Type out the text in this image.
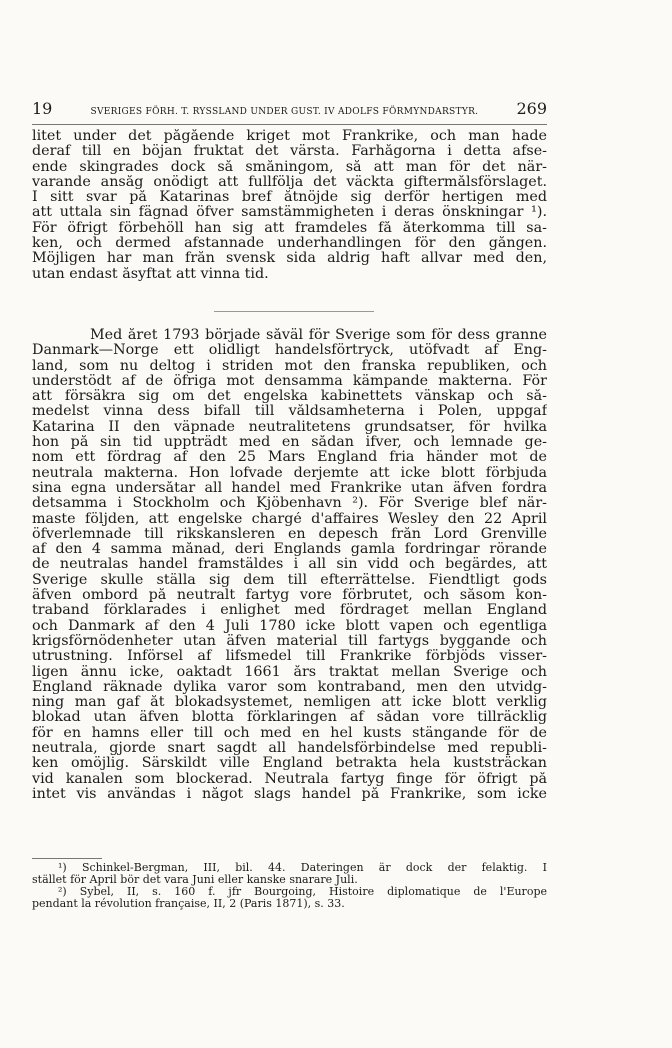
19	SVERIGES FÖRH. T. RYSSLAND UNDER GUST. IV ADOLFS FÖRMYNDARSTYR.	269
litet under det pågående kriget mot Frankrike, och man hade
deraf till en böjan fruktat det värsta. Farhågorna i detta afse-
ende skingrades dock så småningom, så att man för det när-
varande ansåg onödigt att fullfölja det väckta giftermålsförslaget.
I sitt svar på Katarinas bref åtnöjde sig derför hertigen med
att uttala sin fägnad öfver samstämmigheten i deras önskningar ¹).
För öfrigt förbehöll han sig att framdeles få återkomma till sa-
ken, och dermed afstannade underhandlingen för den gången.
Möjligen har man från svensk sida aldrig haft allvar med den,
utan endast åsyftat att vinna tid.
Med året 1793 började såväl för Sverige som för dess granne
Danmark—Norge ett olidligt handelsförtryck, utöfvadt af Eng-
land, som nu deltog i striden mot den franska republiken, och
understödt af de öfriga mot densamma kämpande makterna. För
att försäkra sig om det engelska kabinettets vänskap och så-
medelst vinna dess bifall till våldsamheterna i Polen, uppgaf
Katarina II den väpnade neutralitetens grundsatser, för hvilka
hon på sin tid uppträdt med en sådan ifver, och lemnade ge-
nom ett fördrag af den 25 Mars England fria händer mot de
neutrala makterna. Hon lofvade derjemte att icke blott förbjuda
sina egna undersåtar all handel med Frankrike utan äfven fordra
detsamma i Stockholm och Kjöbenhavn ²). För Sverige blef när-
maste följden, att engelske chargé d'affaires Wesley den 22 April
öfverlemnade till rikskansleren en depesch från Lord Grenville
af den 4 samma månad, deri Englands gamla fordringar rörande
de neutralas handel framstäldes i all sin vidd och begärdes, att
Sverige skulle ställa sig dem till efterrättelse. Fiendtligt gods
äfven ombord på neutralt fartyg vore förbrutet, och såsom kon-
traband förklarades i enlighet med fördraget mellan England
och Danmark af den 4 Juli 1780 icke blott vapen och egentliga
krigsförnödenheter utan äfven material till fartygs byggande och
utrustning. Införsel af lifsmedel till Frankrike förbjöds visser-
ligen ännu icke, oaktadt 1661 års traktat mellan Sverige och
England räknade dylika varor som kontraband, men den utvidg-
ning man gaf åt blokadsystemet, nemligen att icke blott verklig
blokad utan äfven blotta förklaringen af sådan vore tillräcklig
för en hamns eller till och med en hel kusts stängande för de
neutrala, gjorde snart sagdt all handelsförbindelse med republi-
ken omöjlig. Särskildt ville England betrakta hela kuststräckan
vid kanalen som blockerad. Neutrala fartyg finge för öfrigt på
intet vis användas i något slags handel på Frankrike, som icke
¹) Schinkel-Bergman, III, bil. 44. Dateringen är dock der felaktig. I
stället för April bör det vara Juni eller kanske snarare Juli.
²) Sybel, II, s. 160 f. jfr Bourgoing, Histoire diplomatique de l'Europe
pendant la révolution française, II, 2 (Paris 1871), s. 33.
